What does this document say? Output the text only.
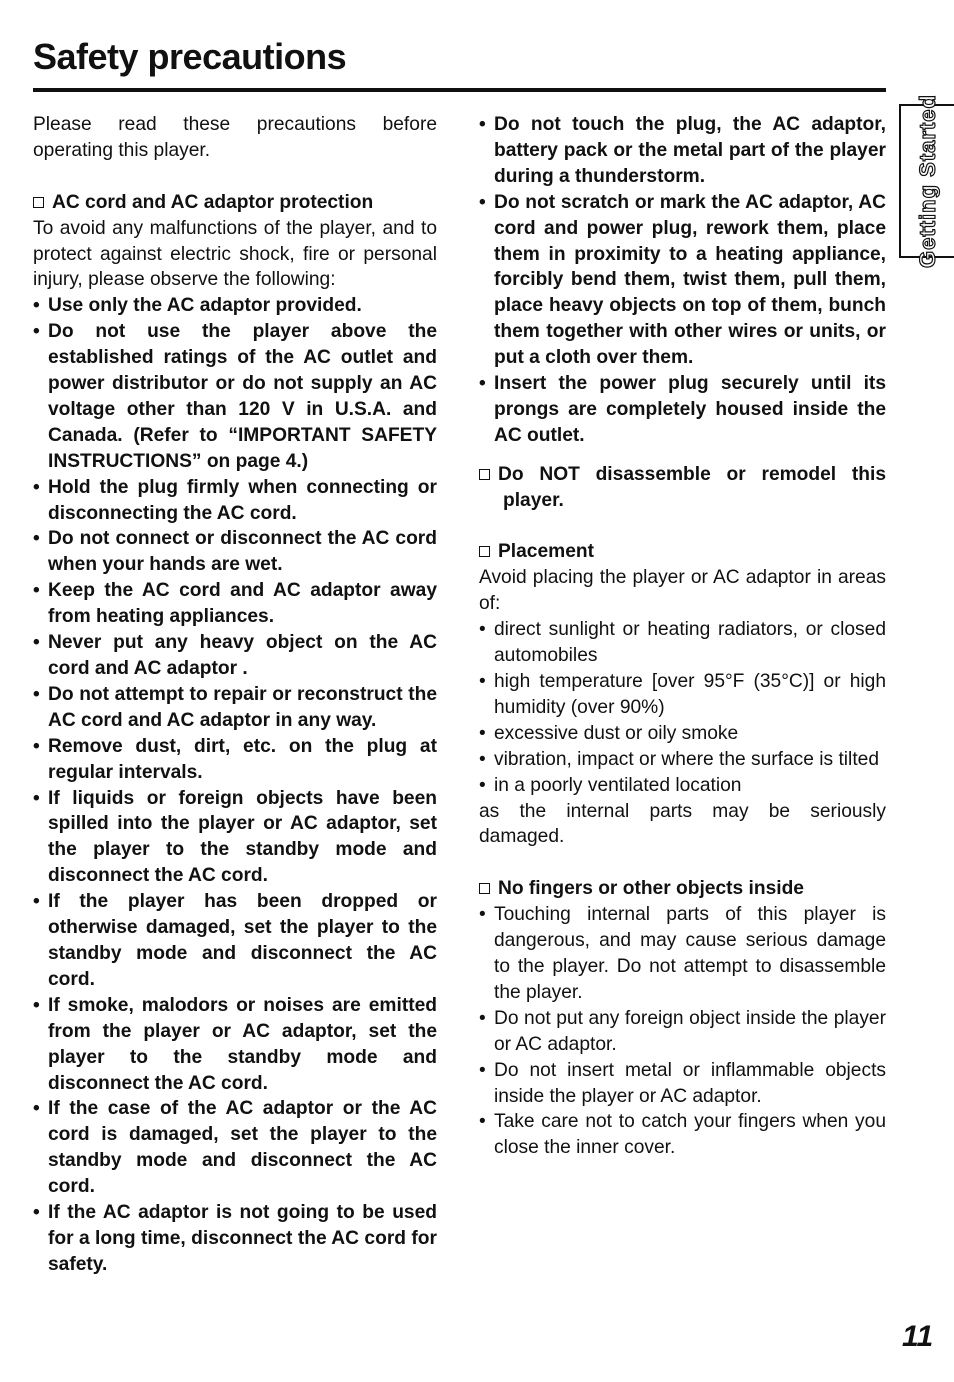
Safety precautions
Getting Started

Please read these precautions before operating this player.

AC cord and AC adaptor protection

To avoid any malfunctions of the player, and to protect against electric shock, fire or personal injury, please observe the following:

• Use only the AC adaptor provided.

• Do not use the player above the established ratings of the AC outlet and power distributor or do not supply an AC voltage other than 120 V in U.S.A. and Canada. (Refer to “IMPORTANT SAFETY INSTRUCTIONS” on page 4.)

• Hold the plug firmly when connecting or disconnecting the AC cord.

• Do not connect or disconnect the AC cord when your hands are wet.

• Keep the AC cord and AC adaptor away from heating appliances.

• Never put any heavy object on the AC cord and AC adaptor .

• Do not attempt to repair or reconstruct the AC cord and AC adaptor in any way.

• Remove dust, dirt, etc. on the plug at regular intervals.

• If liquids or foreign objects have been spilled into the player or AC adaptor, set the player to the standby mode and disconnect the AC cord.

• If the player has been dropped or otherwise damaged, set the player to the standby mode and disconnect the AC cord.

• If smoke, malodors or noises are emitted from the player or AC adaptor, set the player to the standby mode and disconnect the AC cord.

• If the case of the AC adaptor or the AC cord is damaged, set the player to the standby mode and disconnect the AC cord.

• If the AC adaptor is not going to be used for a long time, disconnect the AC cord for safety.

• Do not touch the plug, the AC adaptor, battery pack or the metal part of the player during a thunderstorm.

• Do not scratch or mark the AC adaptor, AC cord and power plug, rework them, place them in proximity to a heating appliance, forcibly bend them, twist them, pull them, place heavy objects on top of them, bunch them together with other wires or units, or put a cloth over them.

• Insert the power plug securely until its prongs are completely housed inside the AC outlet.

Do NOT disassemble or remodel this player.

Placement

Avoid placing the player or AC adaptor in areas of:

• direct sunlight or heating radiators, or closed automobiles

• high temperature [over 95°F (35°C)] or high humidity (over 90%)

• excessive dust or oily smoke

• vibration, impact or where the surface is tilted

• in a poorly ventilated location

as the internal parts may be seriously damaged.

No fingers or other objects inside

• Touching internal parts of this player is dangerous, and may cause serious damage to the player. Do not attempt to disassemble the player.

• Do not put any foreign object inside the player or AC adaptor.

• Do not insert metal or inflammable objects inside the player or AC adaptor.

• Take care not to catch your fingers when you close the inner cover.

11
